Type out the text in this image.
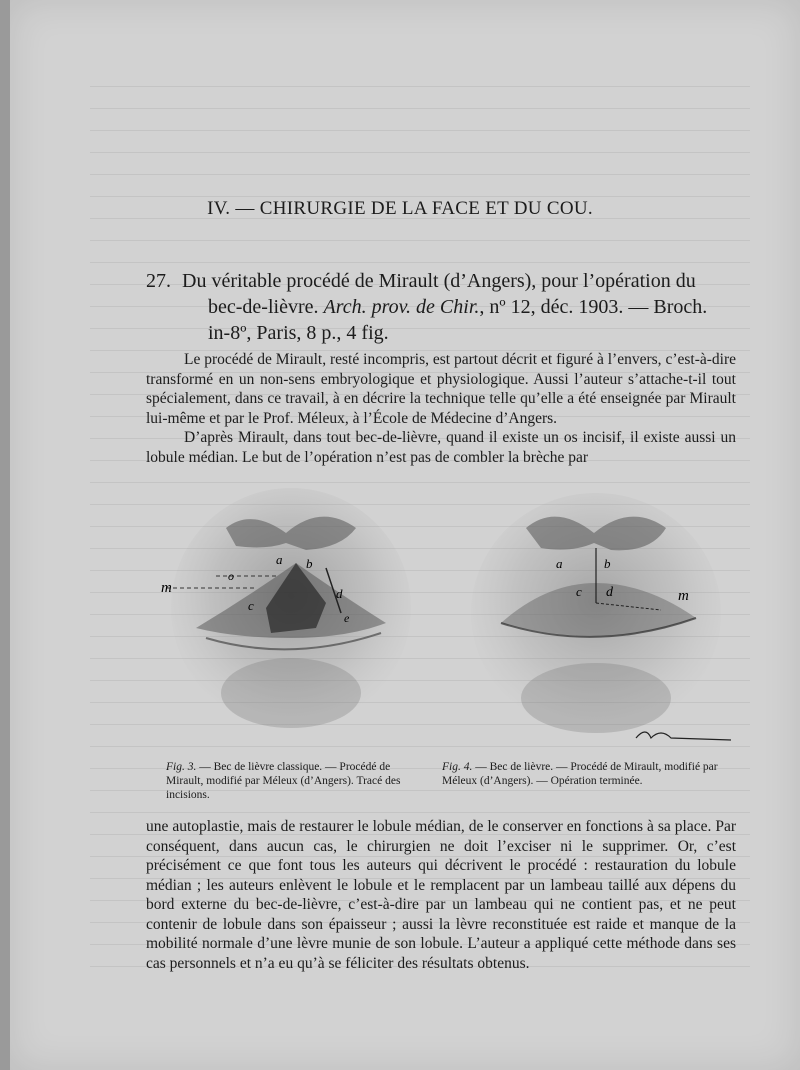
IV. — CHIRURGIE DE LA FACE ET DU COU.
27. Du véritable procédé de Mirault (d’Angers), pour l’opération du
bec-de-lièvre. Arch. prov. de Chir., nº 12, déc. 1903. — Broch.
in-8º, Paris, 8 p., 4 fig.

Le procédé de Mirault, resté incompris, est partout décrit et figuré à l’envers, c’est-à-dire transformé en un non-sens embryologique et physiologique. Aussi l’auteur s’attache-t-il tout spécialement, dans ce travail, à en décrire la technique telle qu’elle a été enseignée par Mirault lui-même et par le Prof. Méleux, à l’École de Médecine d’Angers.

D’après Mirault, dans tout bec-de-lièvre, quand il existe un os incisif, il existe aussi un lobule médian. Le but de l’opération n’est pas de combler la brèche par

a b
o
m
c
d
e
a	b
c d	m
Fig. 3. — Bec de lièvre classique. — Procédé de Mirault, modifié par Méleux (d’Angers). Tracé des incisions.
Fig. 4. — Bec de lièvre. — Procédé de Mirault, modifié par Méleux (d’Angers). — Opération terminée.

une autoplastie, mais de restaurer le lobule médian, de le conserver en fonctions à sa place. Par conséquent, dans aucun cas, le chirurgien ne doit l’exciser ni le supprimer. Or, c’est précisément ce que font tous les auteurs qui décrivent le procédé : restauration du lobule médian ; les auteurs enlèvent le lobule et le remplacent par un lambeau taillé aux dépens du bord externe du bec-de-lièvre, c’est-à-dire par un lambeau qui ne contient pas, et ne peut contenir de lobule dans son épaisseur ; aussi la lèvre reconstituée est raide et manque de la mobilité normale d’une lèvre munie de son lobule. L’auteur a appliqué cette méthode dans ses cas personnels et n’a eu qu’à se féliciter des résultats obtenus.
